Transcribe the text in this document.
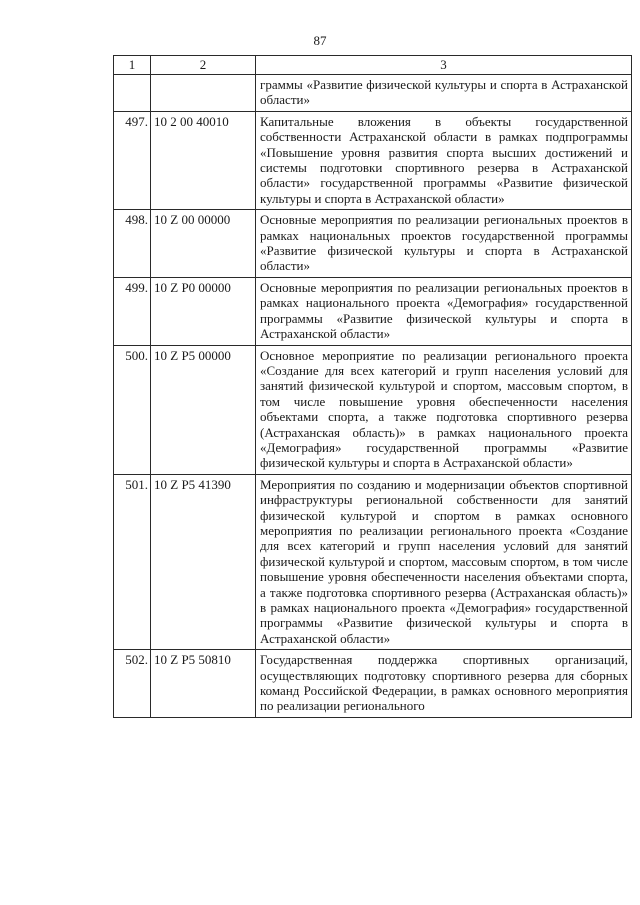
87
1	2	3
		граммы «Развитие физической культуры и спорта в Астраханской области»
497.	10 2 00 40010	Капитальные вложения в объекты государственной собственности Астраханской области в рамках подпрограммы «Повышение уровня развития спорта высших достижений и системы подготовки спортивного резерва в Астраханской области» государственной программы «Развитие физической культуры и спорта в Астраханской области»
498.	10 Z 00 00000	Основные мероприятия по реализации региональных проектов в рамках национальных проектов государственной программы «Развитие физической культуры и спорта в Астраханской области»
499.	10 Z P0 00000	Основные мероприятия по реализации региональных проектов в рамках национального проекта «Демография» государственной программы «Развитие физической культуры и спорта в Астраханской области»
500.	10 Z P5 00000	Основное мероприятие по реализации регионального проекта «Создание для всех категорий и групп населения условий для занятий физической культурой и спортом, массовым спортом, в том числе повышение уровня обеспеченности населения объектами спорта, а также подготовка спортивного резерва (Астраханская область)» в рамках национального проекта «Демография» государственной программы «Развитие физической культуры и спорта в Астраханской области»
501.	10 Z P5 41390	Мероприятия по созданию и модернизации объектов спортивной инфраструктуры региональной собственности для занятий физической культурой и спортом в рамках основного мероприятия по реализации регионального проекта «Создание для всех категорий и групп населения условий для занятий физической культурой и спортом, массовым спортом, в том числе повышение уровня обеспеченности населения объектами спорта, а также подготовка спортивного резерва (Астраханская область)» в рамках национального проекта «Демография» государственной программы «Развитие физической культуры и спорта в Астраханской области»
502.	10 Z P5 50810	Государственная поддержка спортивных организаций, осуществляющих подготовку спортивного резерва для сборных команд Российской Федерации, в рамках основного мероприятия по реализации регионального
